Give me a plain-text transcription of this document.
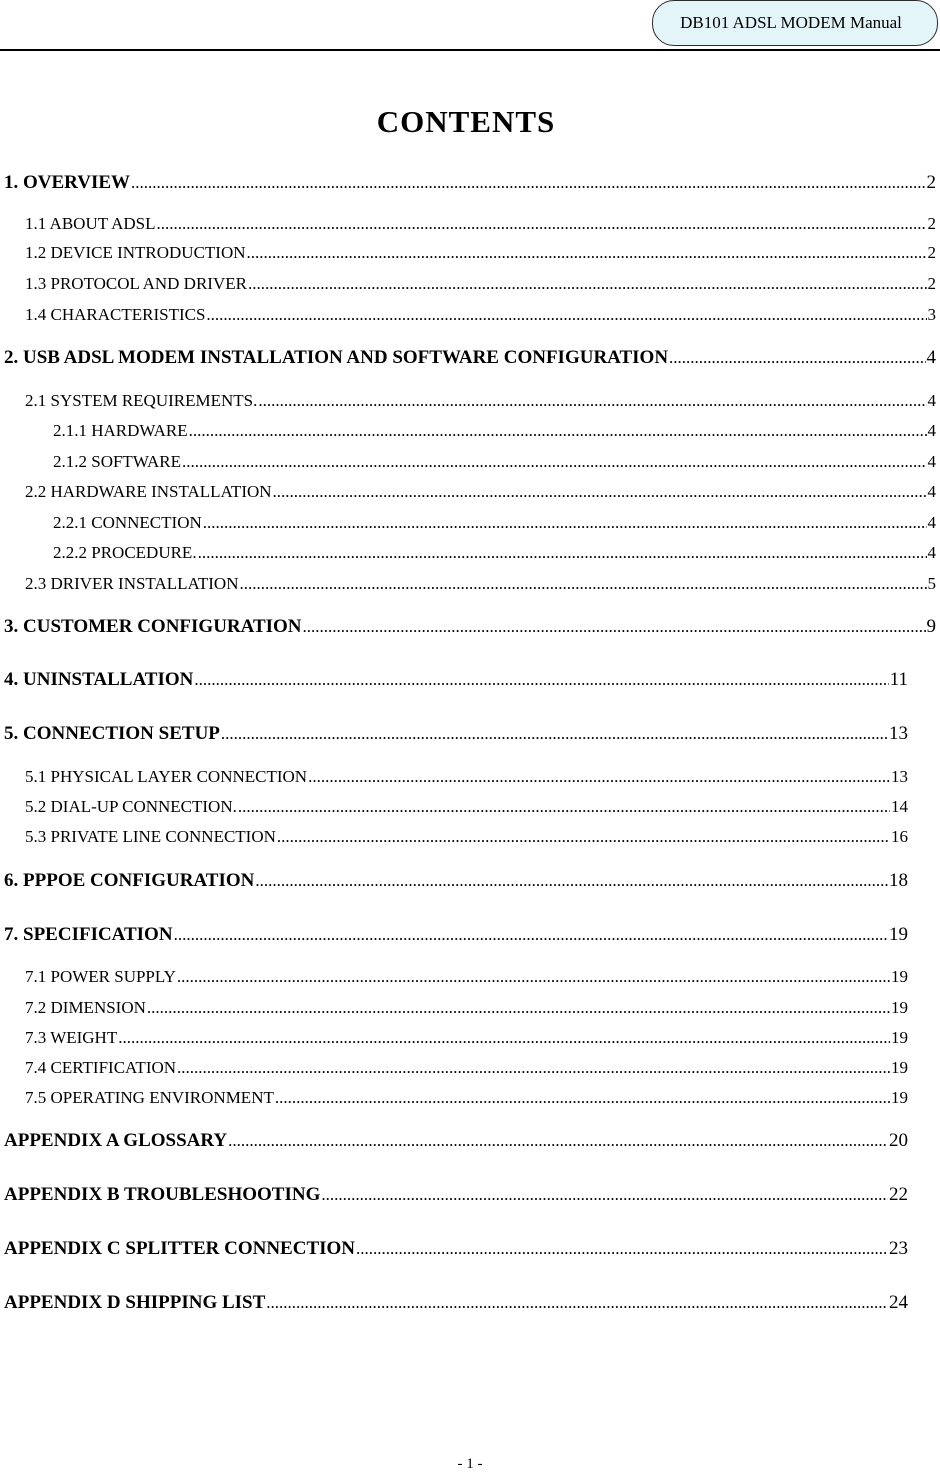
DB101 ADSL MODEM Manual
CONTENTS
1. OVERVIEW .....	2
1.1 ABOUT ADSL .....	2
1.2 DEVICE INTRODUCTION .....	2
1.3 PROTOCOL AND DRIVER .....	2
1.4 CHARACTERISTICS .....	3
2. USB ADSL MODEM INSTALLATION AND SOFTWARE CONFIGURATION .....	4
2.1 SYSTEM REQUIREMENTS. .....	4
2.1.1 HARDWARE .....	4
2.1.2 SOFTWARE .....	4
2.2 HARDWARE INSTALLATION .....	4
2.2.1 CONNECTION .....	4
2.2.2 PROCEDURE. .....	4
2.3 DRIVER INSTALLATION .....	5
3. CUSTOMER CONFIGURATION .....	9
4. UNINSTALLATION .....	11
5. CONNECTION SETUP .....	13
5.1 PHYSICAL LAYER CONNECTION .....	13
5.2 DIAL-UP CONNECTION. .....	14
5.3 PRIVATE LINE CONNECTION .....	16
6. PPPOE CONFIGURATION .....	18
7. SPECIFICATION .....	19
7.1 POWER SUPPLY .....	19
7.2 DIMENSION .....	19
7.3 WEIGHT .....	19
7.4 CERTIFICATION .....	19
7.5 OPERATING ENVIRONMENT .....	19
APPENDIX A GLOSSARY .....	20
APPENDIX B TROUBLESHOOTING .....	22
APPENDIX C SPLITTER CONNECTION .....	23
APPENDIX D SHIPPING LIST .....	24
- 1 -
